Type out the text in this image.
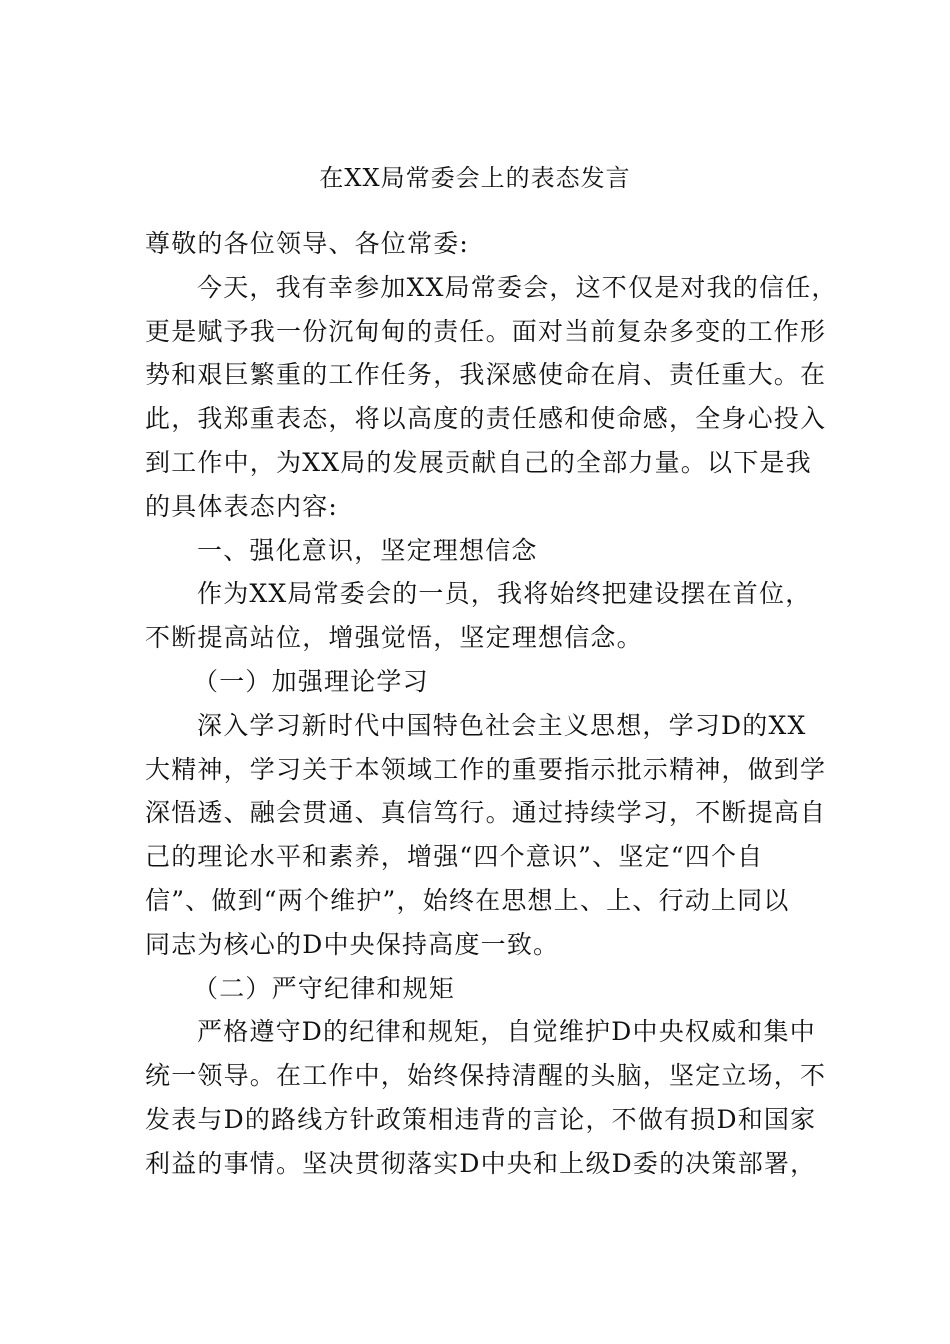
在XX局常委会上的表态发言
尊敬的各位领导、各位常委:
今天，我有幸参加XX局常委会，这不仅是对我的信任，
更是赋予我一份沉甸甸的责任。面对当前复杂多变的工作形
势和艰巨繁重的工作任务，我深感使命在肩、责任重大。在
此，我郑重表态，将以高度的责任感和使命感，全身心投入
到工作中，为XX局的发展贡献自己的全部力量。以下是我
的具体表态内容:
一、强化意识，坚定理想信念
作为XX局常委会的一员，我将始终把建设摆在首位，
不断提高站位，增强觉悟，坚定理想信念。
（一）加强理论学习
深入学习新时代中国特色社会主义思想，学习D的XX
大精神，学习关于本领域工作的重要指示批示精神，做到学
深悟透、融会贯通、真信笃行。通过持续学习，不断提高自
己的理论水平和素养，增强“四个意识”、坚定“四个自
信”、做到“两个维护”，始终在思想上、上、行动上同以
同志为核心的D中央保持高度一致。
（二）严守纪律和规矩
严格遵守D的纪律和规矩，自觉维护D中央权威和集中
统一领导。在工作中，始终保持清醒的头脑，坚定立场，不
发表与D的路线方针政策相违背的言论，不做有损D和国家
利益的事情。坚决贯彻落实D中央和上级D委的决策部署，
